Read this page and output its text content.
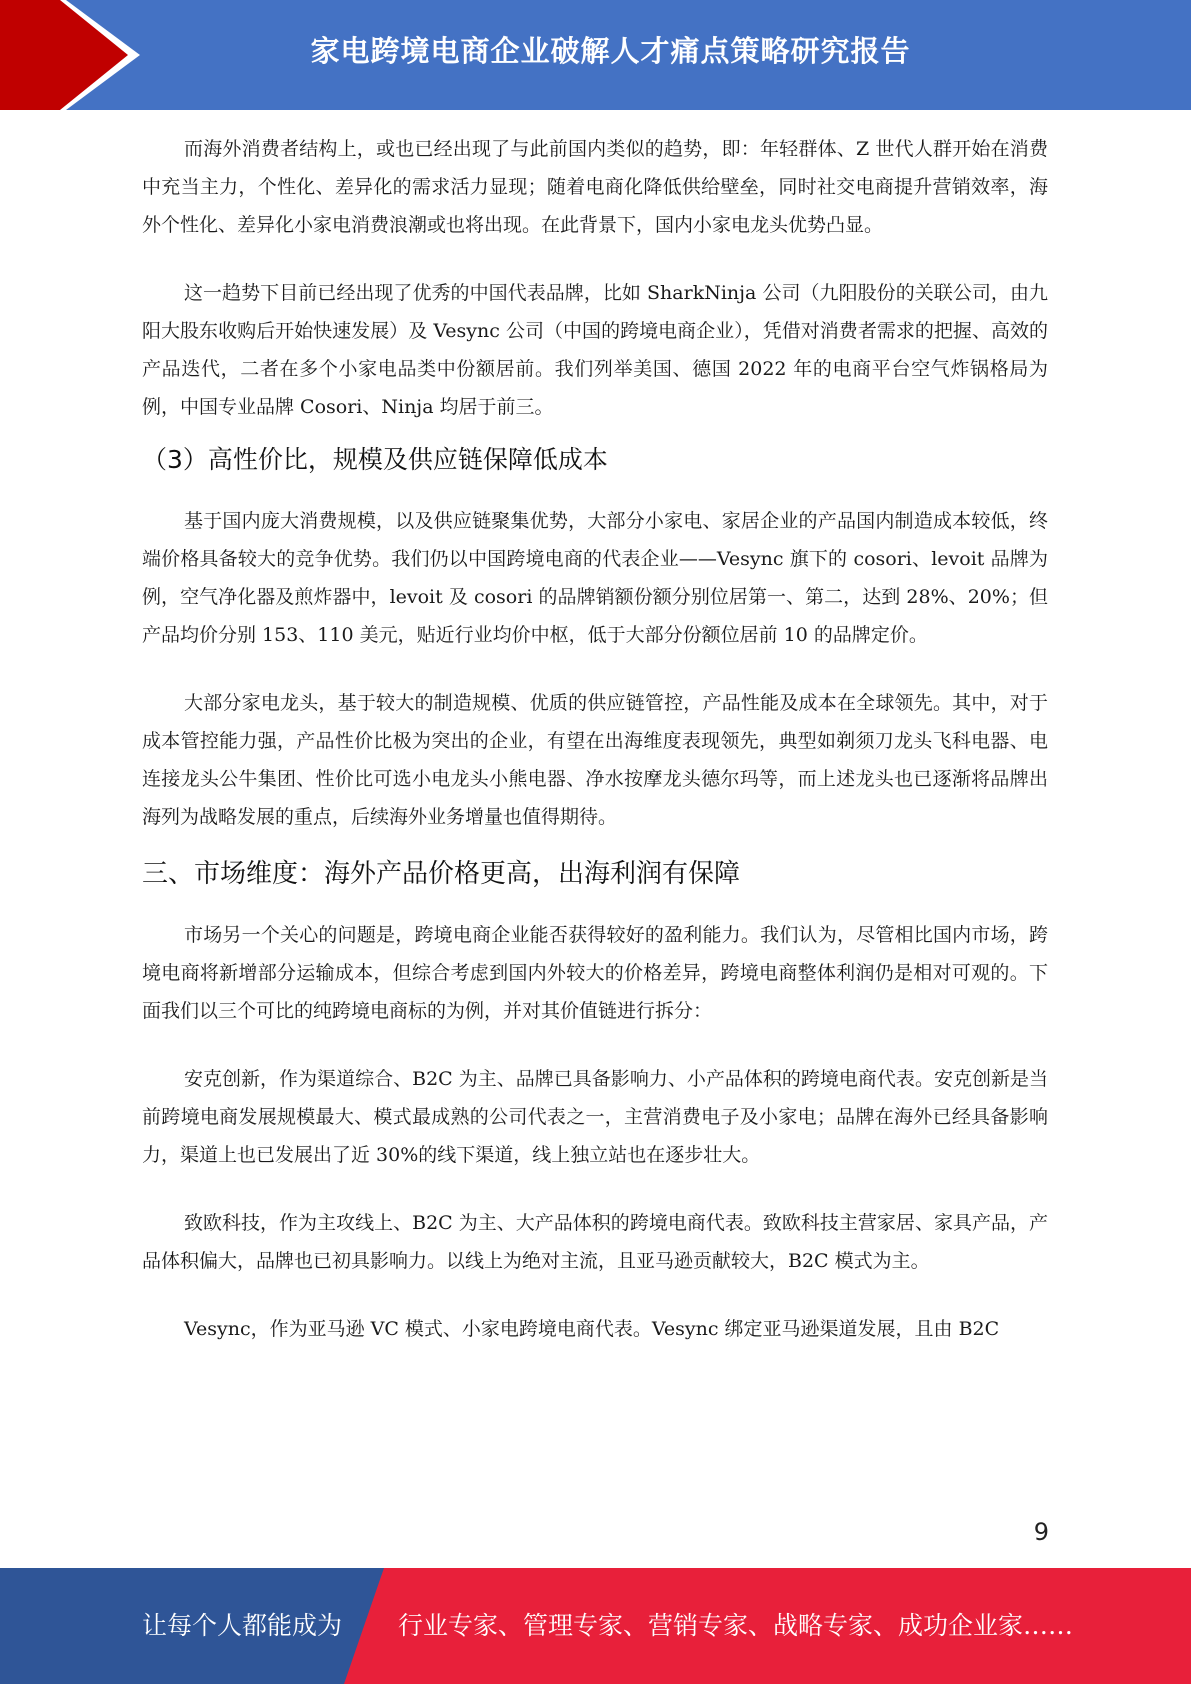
家电跨境电商企业破解人才痛点策略研究报告

而海外消费者结构上，或也已经出现了与此前国内类似的趋势，即：年轻群体、Z 世代人群开始在消费中充当主力，个性化、差异化的需求活力显现；随着电商化降低供给壁垒，同时社交电商提升营销效率，海外个性化、差异化小家电消费浪潮或也将出现。在此背景下，国内小家电龙头优势凸显。

这一趋势下目前已经出现了优秀的中国代表品牌，比如 SharkNinja 公司（九阳股份的关联公司，由九阳大股东收购后开始快速发展）及 Vesync 公司（中国的跨境电商企业），凭借对消费者需求的把握、高效的产品迭代，二者在多个小家电品类中份额居前。我们列举美国、德国 2022 年的电商平台空气炸锅格局为例，中国专业品牌 Cosori、Ninja 均居于前三。

（3）高性价比，规模及供应链保障低成本

基于国内庞大消费规模，以及供应链聚集优势，大部分小家电、家居企业的产品国内制造成本较低，终端价格具备较大的竞争优势。我们仍以中国跨境电商的代表企业——Vesync 旗下的 cosori、levoit 品牌为例，空气净化器及煎炸器中，levoit 及 cosori 的品牌销额份额分别位居第一、第二，达到 28%、20%；但产品均价分别 153、110 美元，贴近行业均价中枢，低于大部分份额位居前 10 的品牌定价。

大部分家电龙头，基于较大的制造规模、优质的供应链管控，产品性能及成本在全球领先。其中，对于成本管控能力强，产品性价比极为突出的企业，有望在出海维度表现领先，典型如剃须刀龙头飞科电器、电连接龙头公牛集团、性价比可选小电龙头小熊电器、净水按摩龙头德尔玛等，而上述龙头也已逐渐将品牌出海列为战略发展的重点，后续海外业务增量也值得期待。

三、市场维度：海外产品价格更高，出海利润有保障

市场另一个关心的问题是，跨境电商企业能否获得较好的盈利能力。我们认为，尽管相比国内市场，跨境电商将新增部分运输成本，但综合考虑到国内外较大的价格差异，跨境电商整体利润仍是相对可观的。下面我们以三个可比的纯跨境电商标的为例，并对其价值链进行拆分：

安克创新，作为渠道综合、B2C 为主、品牌已具备影响力、小产品体积的跨境电商代表。安克创新是当前跨境电商发展规模最大、模式最成熟的公司代表之一，主营消费电子及小家电；品牌在海外已经具备影响力，渠道上也已发展出了近 30%的线下渠道，线上独立站也在逐步壮大。

致欧科技，作为主攻线上、B2C 为主、大产品体积的跨境电商代表。致欧科技主营家居、家具产品，产品体积偏大，品牌也已初具影响力。以线上为绝对主流，且亚马逊贡献较大，B2C 模式为主。

Vesync，作为亚马逊 VC 模式、小家电跨境电商代表。Vesync 绑定亚马逊渠道发展，且由 B2C

9
让每个人都能成为 行业专家、管理专家、营销专家、战略专家、成功企业家……
